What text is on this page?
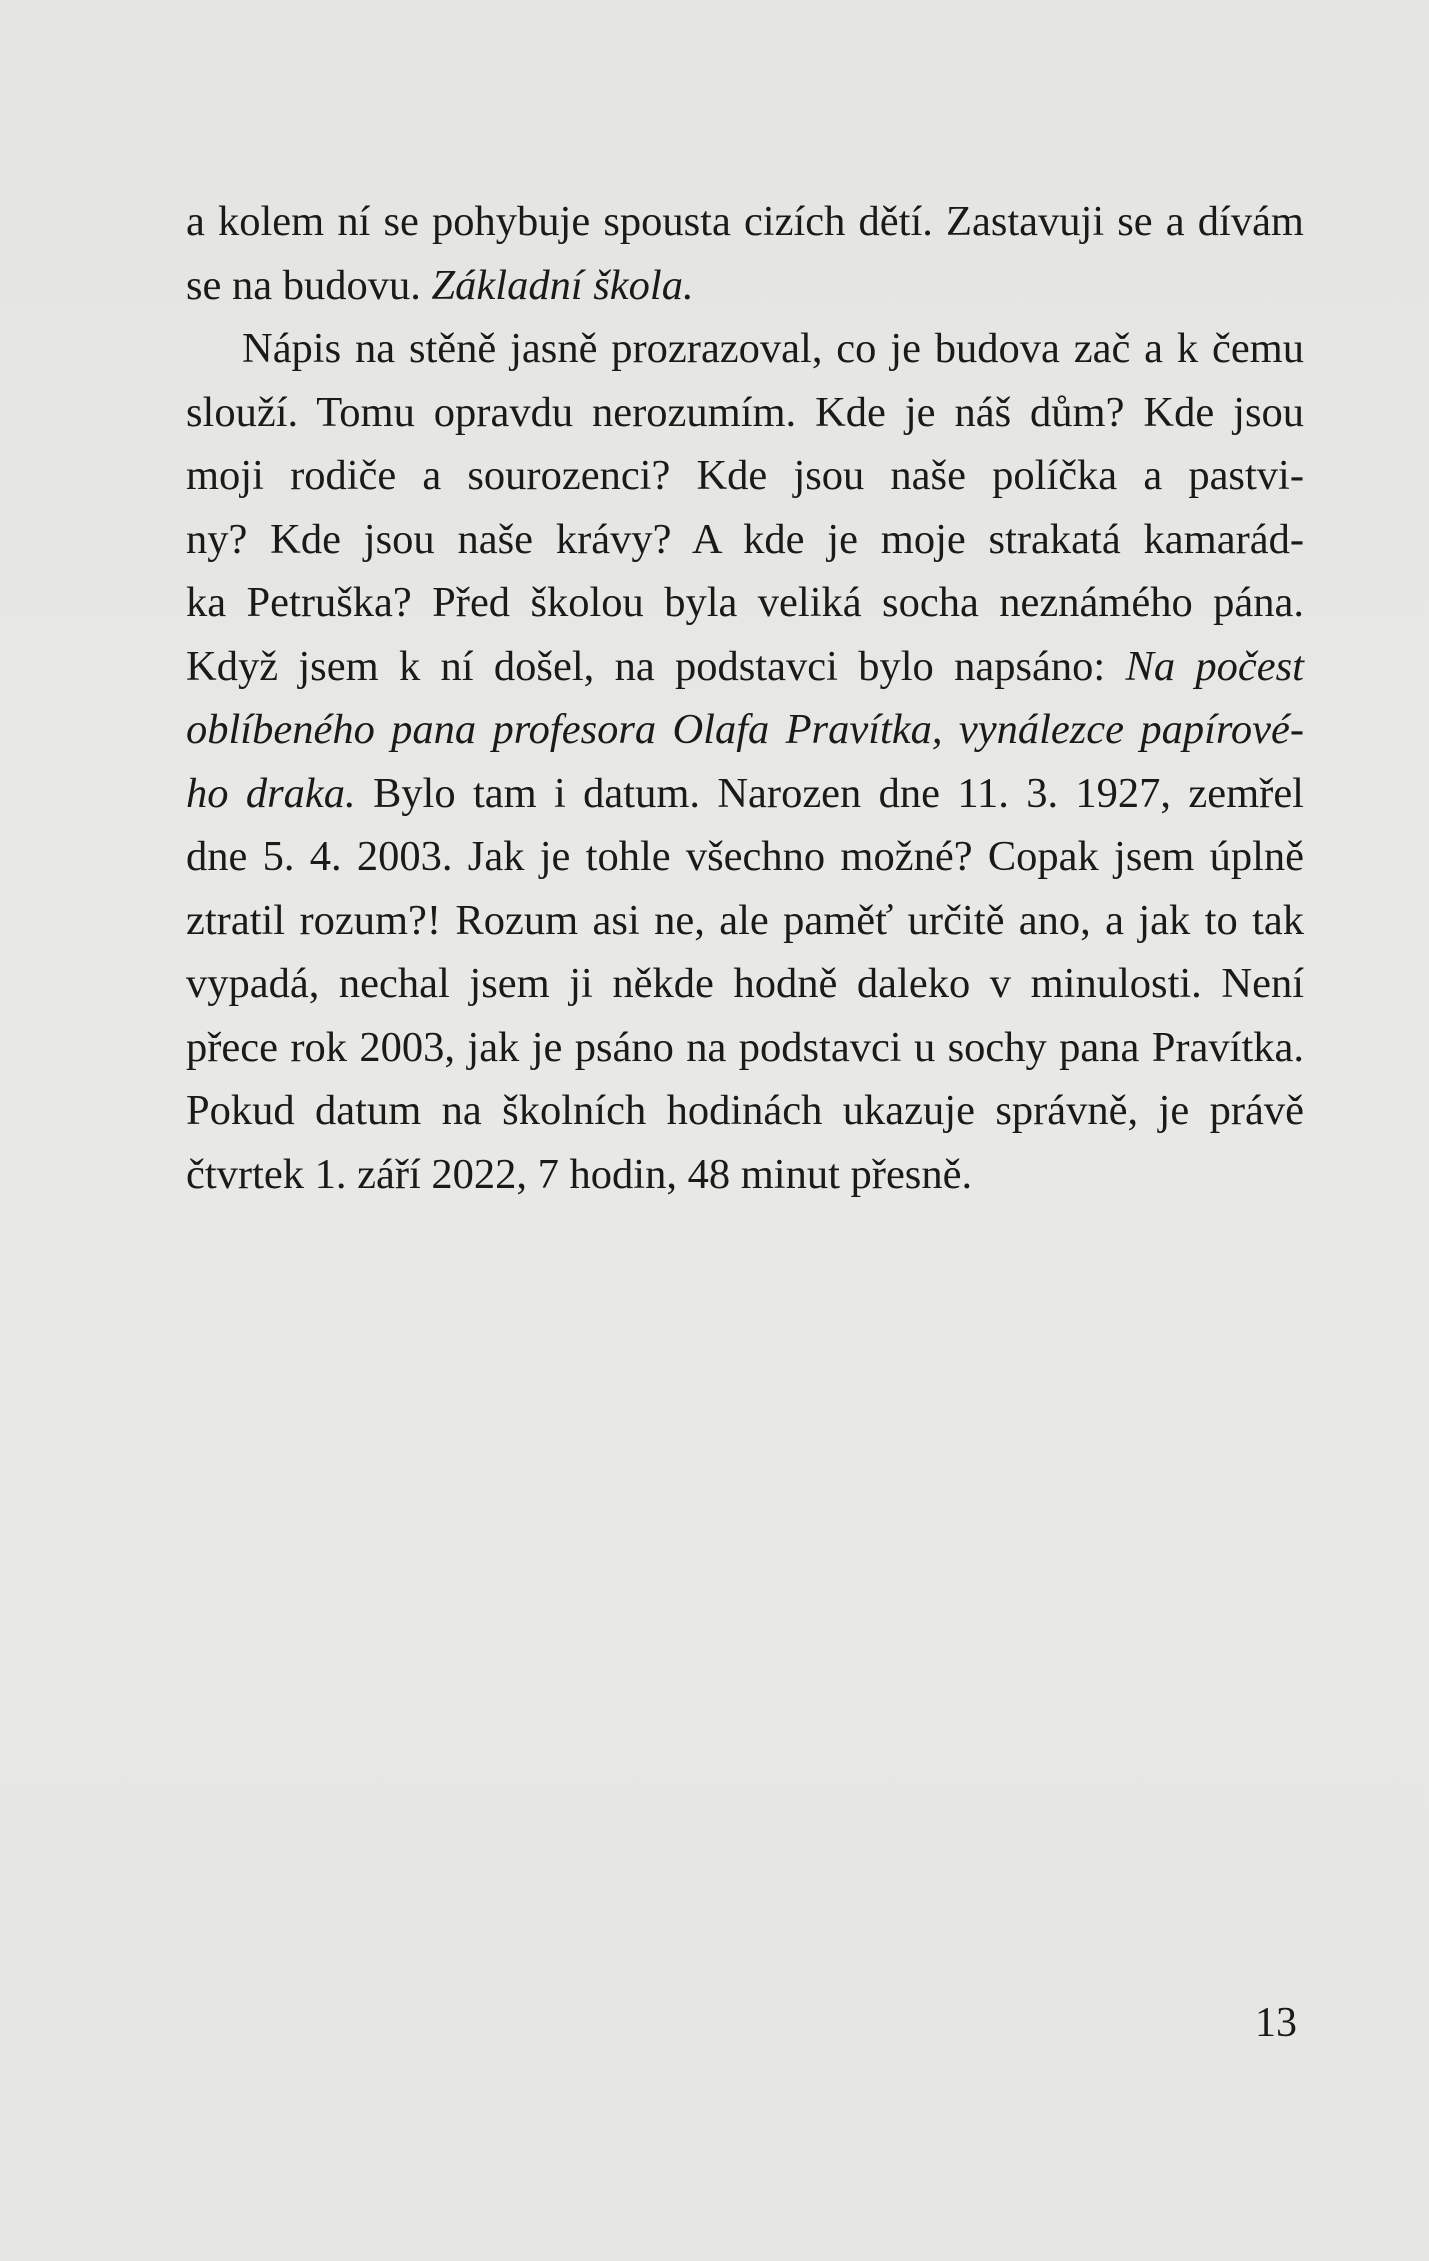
a kolem ní se pohybuje spousta cizích dětí. Zastavuji se a dívám
se na budovu. Základní škola.
Nápis na stěně jasně prozrazoval, co je budova zač a k čemu
slouží. Tomu opravdu nerozumím. Kde je náš dům? Kde jsou
moji rodiče a sourozenci? Kde jsou naše políčka a pastvi-
ny? Kde jsou naše krávy? A kde je moje strakatá kamarád-
ka Petruška? Před školou byla veliká socha neznámého pána.
Když jsem k ní došel, na podstavci bylo napsáno: Na počest
oblíbeného pana profesora Olafa Pravítka, vynálezce papírové-
ho draka. Bylo tam i datum. Narozen dne 11. 3. 1927, zemřel
dne 5. 4. 2003. Jak je tohle všechno možné? Copak jsem úplně
ztratil rozum?! Rozum asi ne, ale paměť určitě ano, a jak to tak
vypadá, nechal jsem ji někde hodně daleko v minulosti. Není
přece rok 2003, jak je psáno na podstavci u sochy pana Pravítka.
Pokud datum na školních hodinách ukazuje správně, je právě
čtvrtek 1. září 2022, 7 hodin, 48 minut přesně.
13
